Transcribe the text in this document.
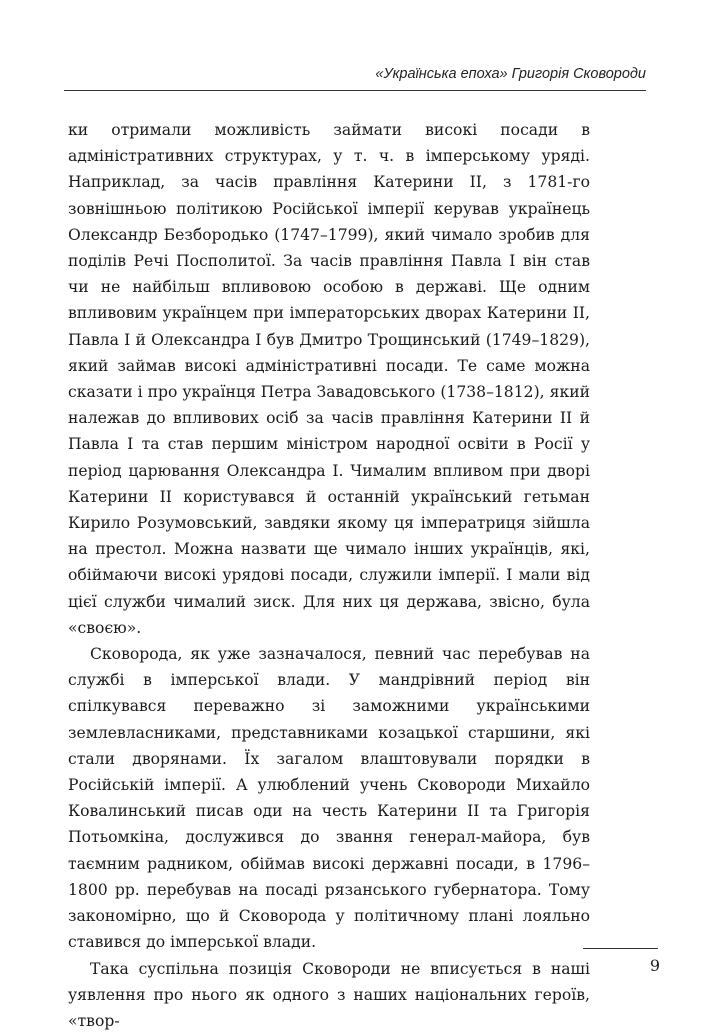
«Українська епоха» Григорія Сковороди

ки отримали можливість займати високі посади в адміністративних структурах, у т. ч. в імперському уряді. Наприклад, за часів правління Катерини II, з 1781-го зовнішньою політикою Російської імперії керував українець Олександр Безбородько (1747–1799), який чимало зробив для поділів Речі Посполитої. За часів правління Павла I він став чи не найбільш впливовою особою в державі. Ще одним впливовим українцем при імператорських дворах Катерини II, Павла I й Олександра I був Дмитро Трощинський (1749–1829), який займав високі адміністративні посади. Те саме можна сказати і про українця Петра Завадовського (1738–1812), який належав до впливових осіб за часів правління Катерини II й Павла I та став першим міністром народної освіти в Росії у період царювання Олександра I. Чималим впливом при дворі Катерини II користувався й останній український гетьман Кирило Розумовський, завдяки якому ця імператриця зійшла на престол. Можна назвати ще чимало інших українців, які, обіймаючи високі урядові посади, служили імперії. І мали від цієї служби чималий зиск. Для них ця держава, звісно, була «своєю».

Сковорода, як уже зазначалося, певний час перебував на службі в імперської влади. У мандрівний період він спілкувався переважно зі заможними українськими землевласниками, представниками козацької старшини, які стали дворянами. Їх загалом влаштовували порядки в Російській імперії. А улюблений учень Сковороди Михайло Ковалинський писав оди на честь Катерини II та Григорія Потьомкіна, дослужився до звання генерал-майора, був таємним радником, обіймав високі державні посади, в 1796–1800 рр. перебував на посаді рязанського губернатора. Тому закономірно, що й Сковорода у політичному плані лояльно ставився до імперської влади.

Така суспільна позиція Сковороди не вписується в наші уявлення про нього як одного з наших національних героїв, «твор-

9
